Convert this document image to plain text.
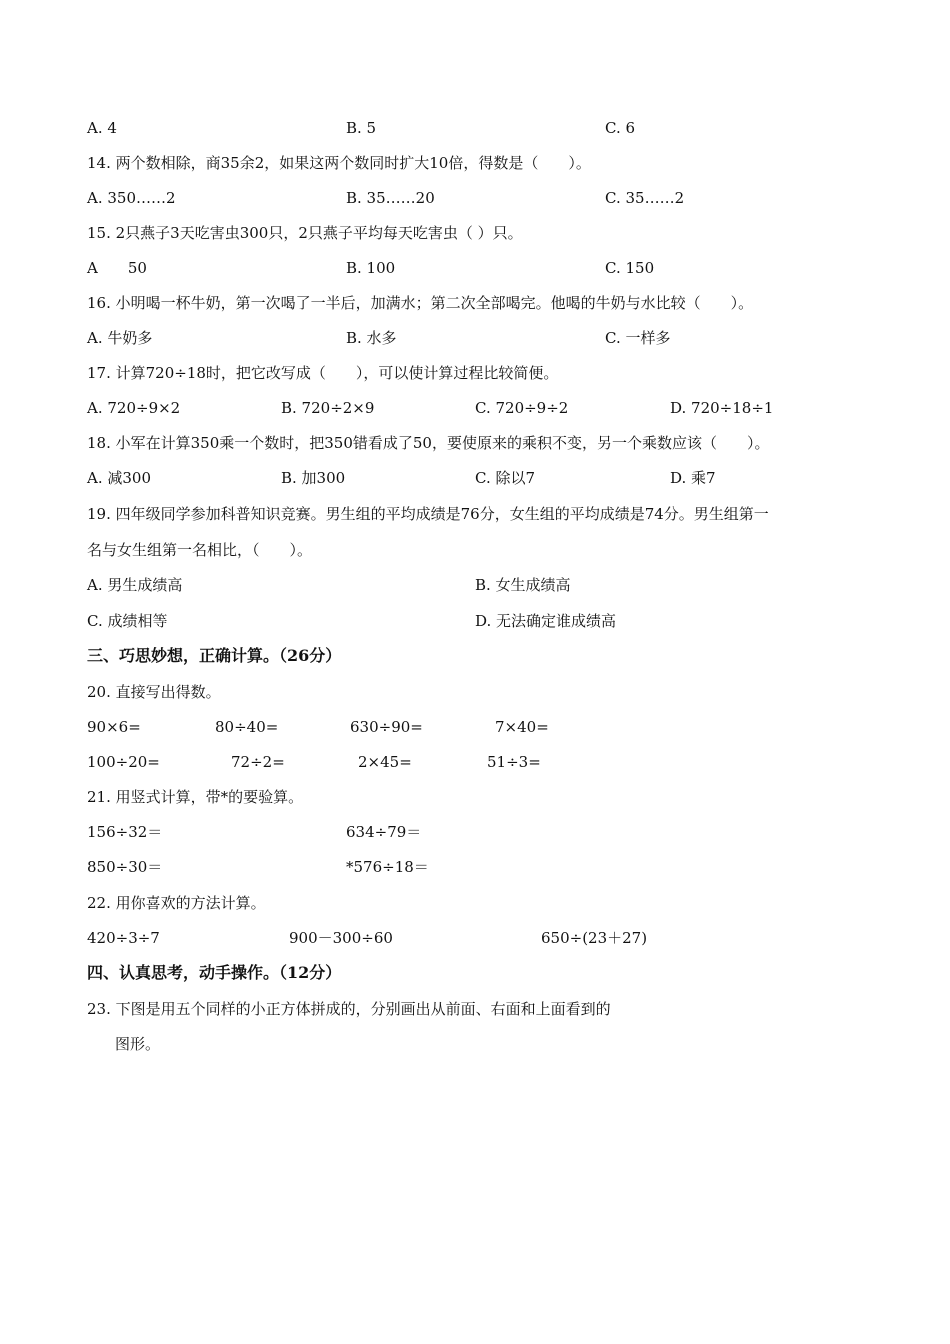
A. 4	B. 5	C. 6
14. 两个数相除，商35余2，如果这两个数同时扩大10倍，得数是（　　）。
A. 350……2	B. 35……20	C. 35……2
15. 2只燕子3天吃害虫300只，2只燕子平均每天吃害虫（ ）只。
A　　50	B. 100	C. 150
16. 小明喝一杯牛奶，第一次喝了一半后，加满水；第二次全部喝完。他喝的牛奶与水比较（　　）。
A. 牛奶多	B. 水多	C. 一样多
17. 计算720÷18时，把它改写成（　　），可以使计算过程比较简便。
A. 720÷9×2	B. 720÷2×9	C. 720÷9÷2	D. 720÷18÷1
18. 小军在计算350乘一个数时，把350错看成了50，要使原来的乘积不变，另一个乘数应该（　　）。
A. 减300	B. 加300	C. 除以7	D. 乘7
19. 四年级同学参加科普知识竞赛。男生组的平均成绩是76分，女生组的平均成绩是74分。男生组第一
名与女生组第一名相比，（　　）。
A. 男生成绩高	B. 女生成绩高
C. 成绩相等	D. 无法确定谁成绩高
三、巧思妙想，正确计算。（26分）
20. 直接写出得数。
90×6=	80÷40=	630÷90=	7×40=
100÷20=	72÷2=	2×45=	51÷3=
21. 用竖式计算，带*的要验算。
156÷32＝	634÷79＝
850÷30＝	*576÷18＝
22. 用你喜欢的方法计算。
420÷3÷7	900－300÷60	650÷(23＋27)
四、认真思考，动手操作。（12分）
23. 下图是用五个同样的小正方体拼成的，分别画出从前面、右面和上面看到的
图形。
